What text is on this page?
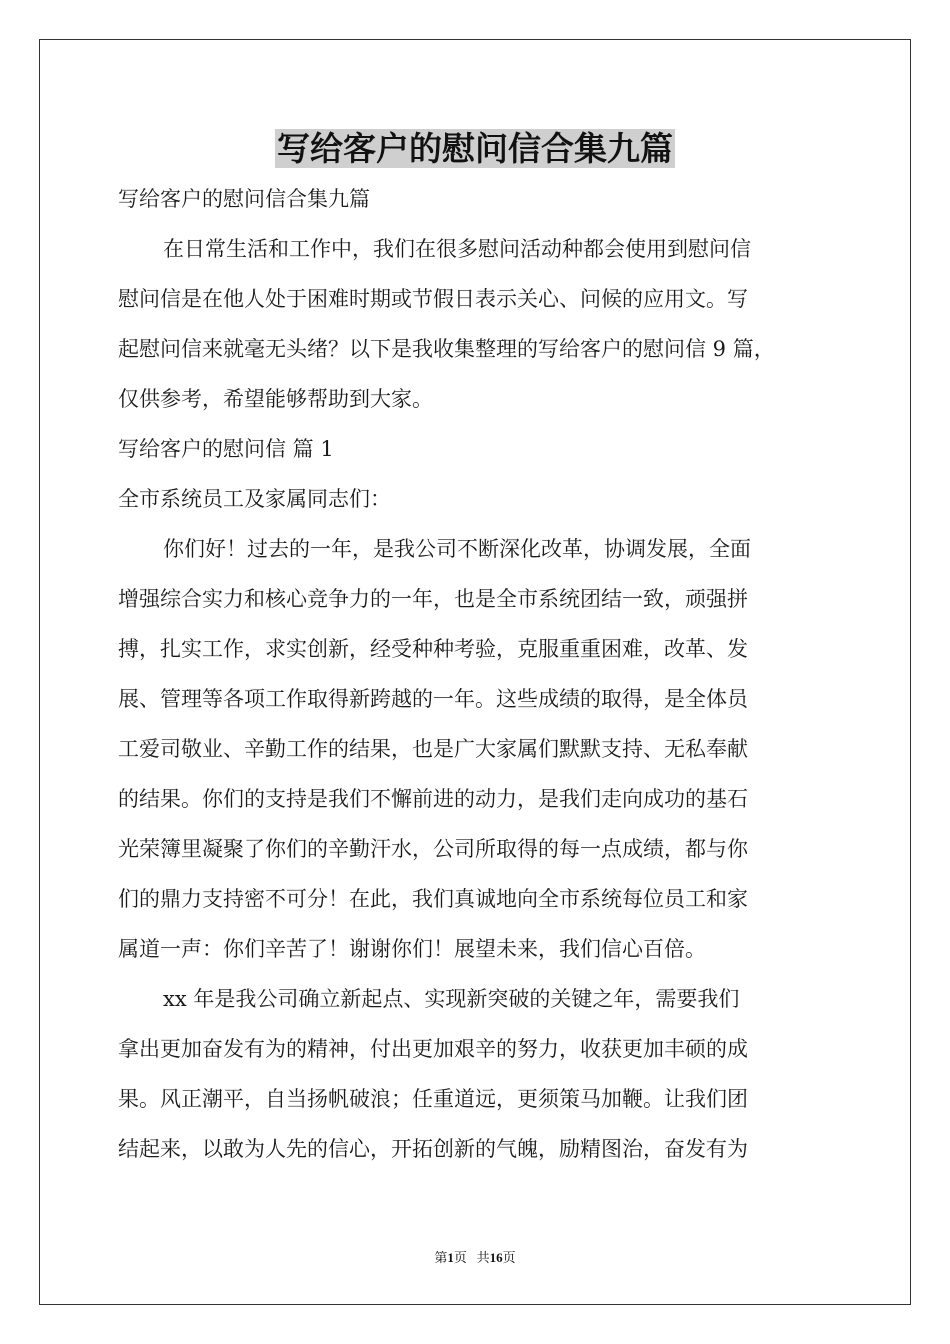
写给客户的慰问信合集九篇
写给客户的慰问信合集九篇
在日常生活和工作中，我们在很多慰问活动种都会使用到慰问信
慰问信是在他人处于困难时期或节假日表示关心、问候的应用文。写
起慰问信来就毫无头绪？以下是我收集整理的写给客户的慰问信 9 篇，
仅供参考，希望能够帮助到大家。
写给客户的慰问信 篇 1
全市系统员工及家属同志们：
你们好！过去的一年，是我公司不断深化改革，协调发展，全面
增强综合实力和核心竞争力的一年，也是全市系统团结一致，顽强拼
搏，扎实工作，求实创新，经受种种考验，克服重重困难，改革、发
展、管理等各项工作取得新跨越的一年。这些成绩的取得，是全体员
工爱司敬业、辛勤工作的结果，也是广大家属们默默支持、无私奉献
的结果。你们的支持是我们不懈前进的动力，是我们走向成功的基石
光荣簿里凝聚了你们的辛勤汗水，公司所取得的每一点成绩，都与你
们的鼎力支持密不可分！在此，我们真诚地向全市系统每位员工和家
属道一声：你们辛苦了！谢谢你们！展望未来，我们信心百倍。
xx 年是我公司确立新起点、实现新突破的关键之年，需要我们
拿出更加奋发有为的精神，付出更加艰辛的努力，收获更加丰硕的成
果。风正潮平，自当扬帆破浪；任重道远，更须策马加鞭。让我们团
结起来，以敢为人先的信心，开拓创新的气魄，励精图治，奋发有为
第1页 共16页
